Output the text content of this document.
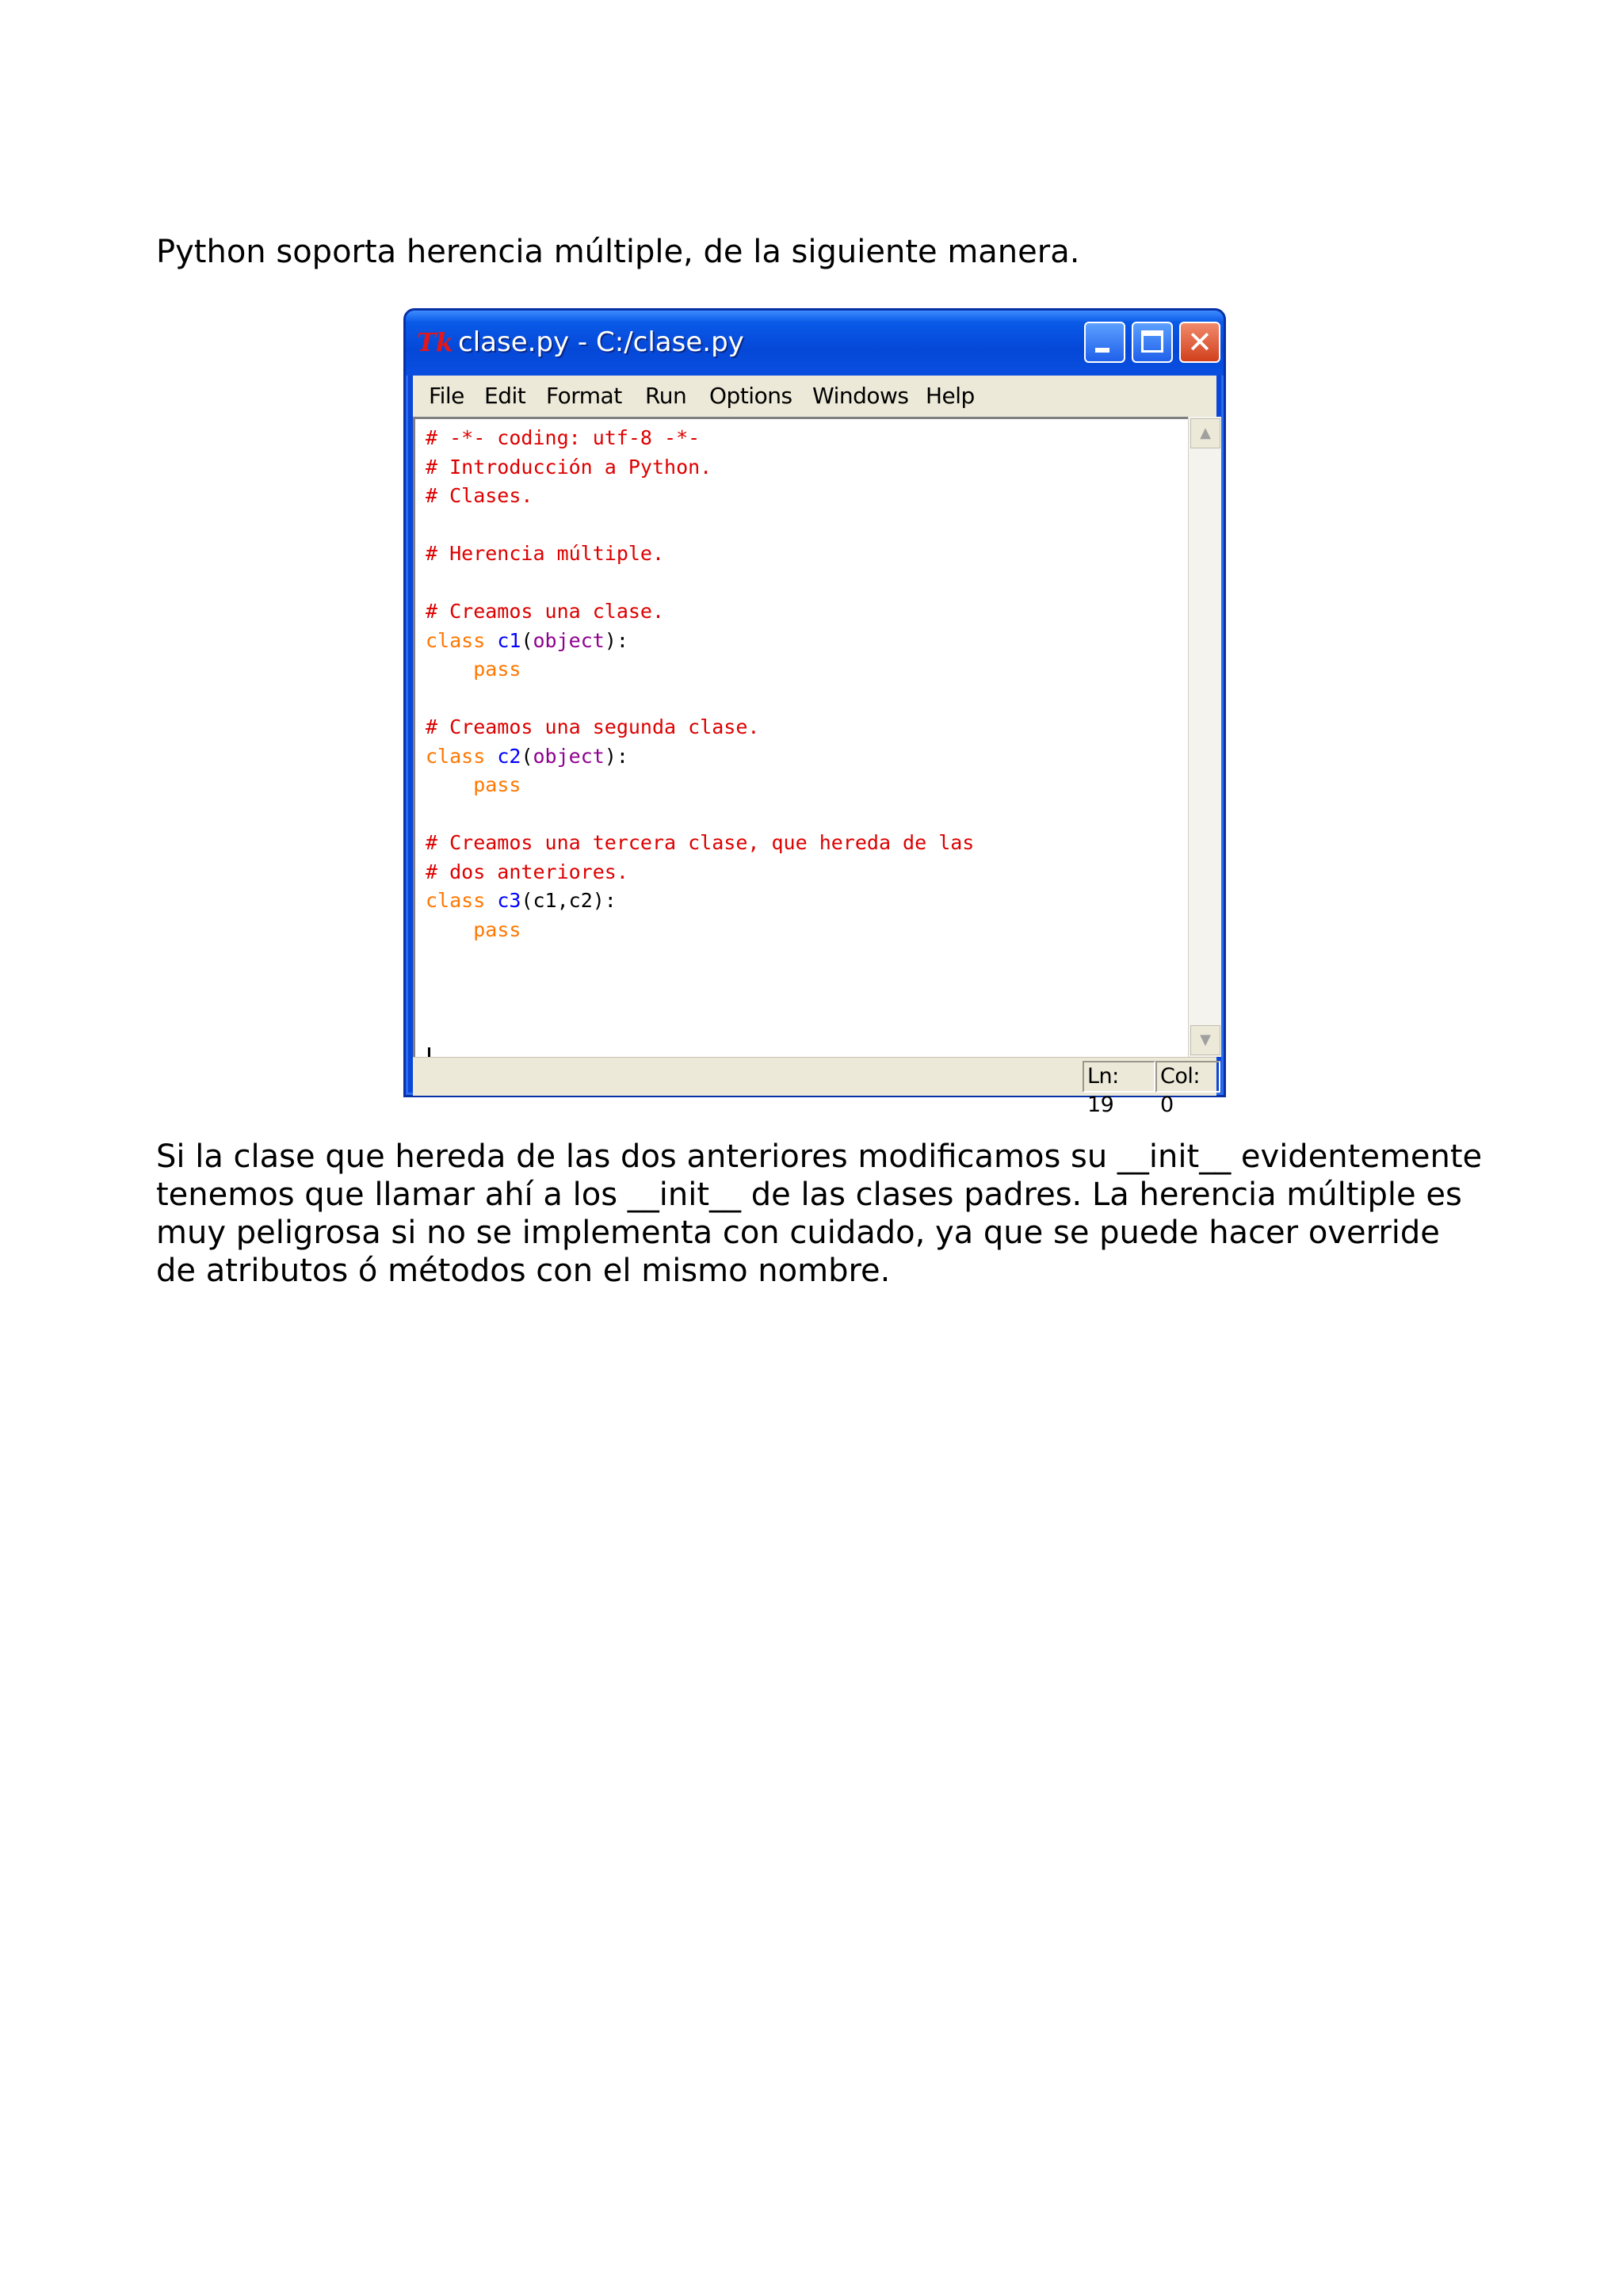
Python soporta herencia múltiple, de la siguiente manera.

Tk clase.py - C:/clase.py	✕
File Edit Format Run Options Windows Help
# -*- coding: utf-8 -*-
# Introducción a Python.
# Clases.

# Herencia múltiple.

# Creamos una clase.
class c1(object):
pass

# Creamos una segunda clase.
class c2(object):
pass

# Creamos una tercera clase, que hereda de las
# dos anteriores.
class c3(c1,c2):
pass
▲
▼
Ln: 19
Col: 0

Si la clase que hereda de las dos anteriores modificamos su __init__ evidentemente tenemos que llamar ahí a los __init__ de las clases padres. La herencia múltiple es muy peligrosa si no se implementa con cuidado, ya que se puede hacer override de atributos ó métodos con el mismo nombre.
